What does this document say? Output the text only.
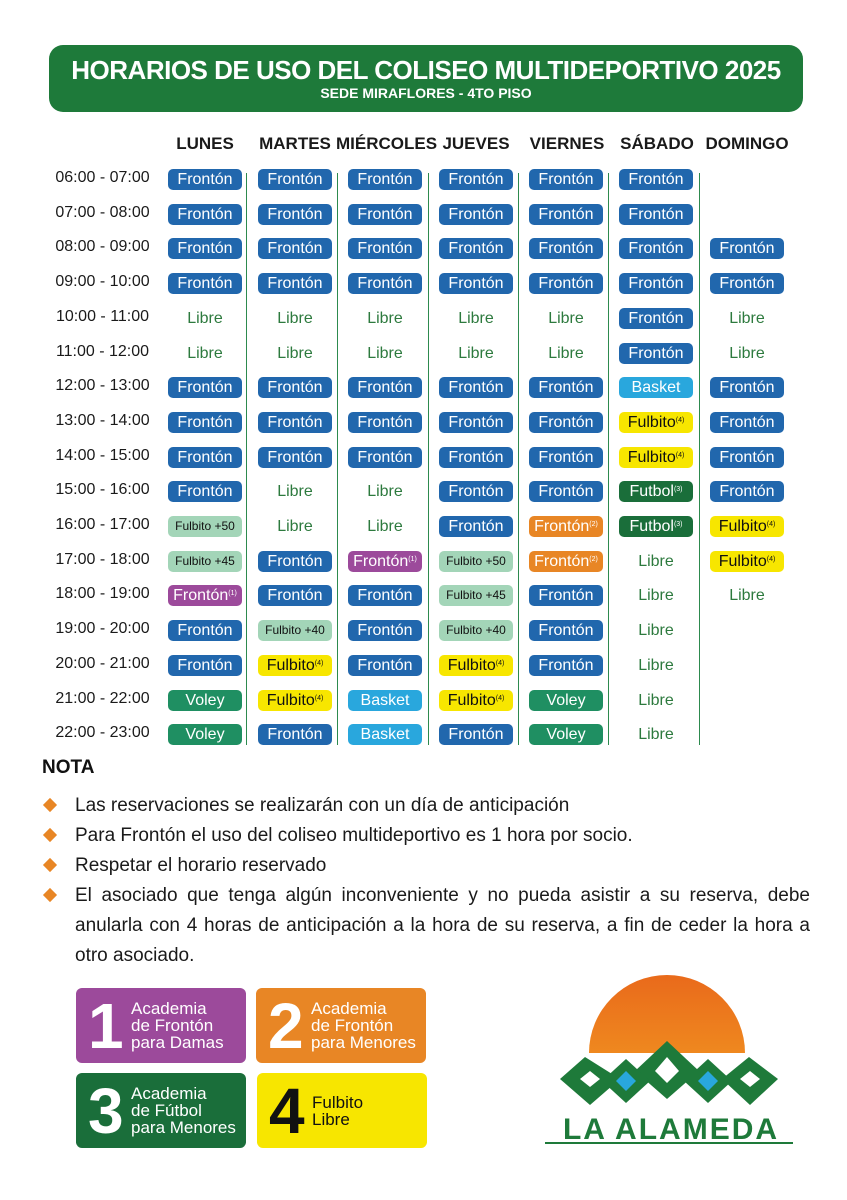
HORARIOS DE USO DEL COLISEO MULTIDEPORTIVO 2025
SEDE MIRAFLORES - 4TO PISO
LUNES	MARTES MIÉRCOLES JUEVES	VIERNES SÁBADO DOMINGO
06:00 - 07:00	Frontón	Frontón	Frontón	Frontón	Frontón	Frontón
07:00 - 08:00	Frontón	Frontón	Frontón	Frontón	Frontón	Frontón
08:00 - 09:00	Frontón	Frontón	Frontón	Frontón	Frontón	Frontón	Frontón
09:00 - 10:00	Frontón	Frontón	Frontón	Frontón	Frontón	Frontón	Frontón
10:00 - 11:00	Libre	Libre	Libre	Libre	Libre	Frontón	Libre
11:00 - 12:00	Libre	Libre	Libre	Libre	Libre	Frontón	Libre
12:00 - 13:00	Frontón	Frontón	Frontón	Frontón	Frontón	Basket	Frontón
13:00 - 14:00	Frontón	Frontón	Frontón	Frontón	Frontón	Fulbito$^{(4)}$	Frontón
14:00 - 15:00	Frontón	Frontón	Frontón	Frontón	Frontón	Fulbito$^{(4)}$	Frontón
15:00 - 16:00	Frontón	Libre	Libre	Frontón	Frontón	Futbol$^{(3)}$	Frontón
16:00 - 17:00	Fulbito +50	Libre	Libre	Frontón	Frontón$^{(2)}$	Futbol$^{(3)}$	Fulbito$^{(4)}$
17:00 - 18:00	Fulbito +45	Frontón	Frontón$^{(1)}$	Fulbito +50	Frontón$^{(2)}$	Libre	Fulbito$^{(4)}$
18:00 - 19:00	Frontón$^{(1)}$	Frontón	Frontón	Fulbito +45	Frontón	Libre	Libre
19:00 - 20:00	Frontón	Fulbito +40	Frontón	Fulbito +40	Frontón	Libre
20:00 - 21:00	Frontón	Fulbito$^{(4)}$	Frontón	Fulbito$^{(4)}$	Frontón	Libre
21:00 - 22:00	Voley	Fulbito$^{(4)}$	Basket	Fulbito$^{(4)}$	Voley	Libre
22:00 - 23:00	Voley	Frontón	Basket	Frontón	Voley	Libre
NOTA
Las reservaciones se realizarán con un día de anticipación
Para Frontón el uso del coliseo multideportivo es 1 hora por socio.
Respetar el horario reservado
El asociado que tenga algún inconveniente y no pueda asistir a su reserva, debe anularla con 4 horas de anticipación a la hora de su reserva, a fin de ceder la hora a otro asociado.
1 Academia
de Frontón
para Damas 2 Academia
de Frontón
para Menores
3 Academia
de Fútbol
para Menores 4 Fulbito
Libre	LA ALAMEDA
